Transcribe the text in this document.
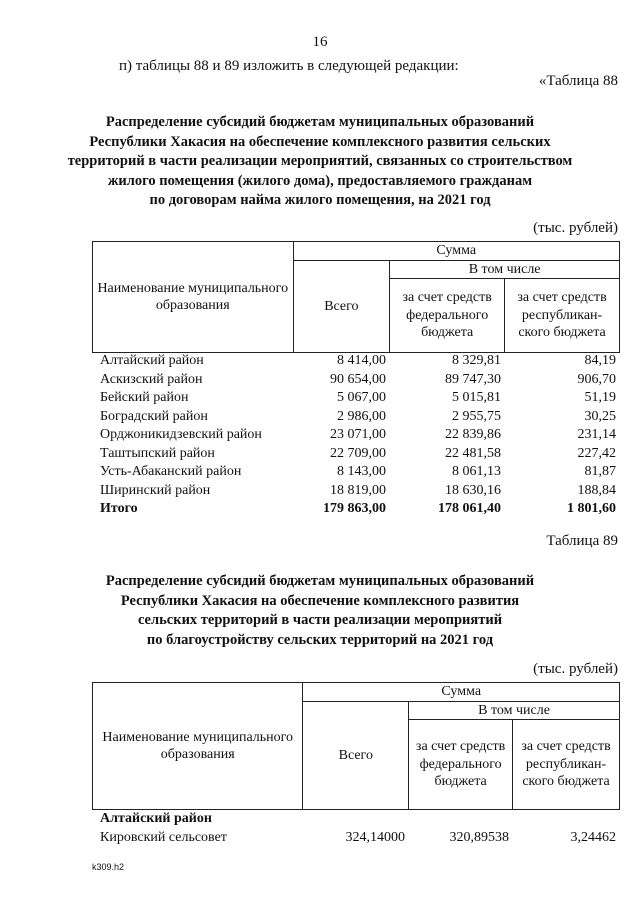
16
п) таблицы 88 и 89 изложить в следующей редакции:
«Таблица 88
Распределение субсидий бюджетам муниципальных образований
Республики Хакасия на обеспечение комплексного развития сельских
территорий в части реализации мероприятий, связанных со строительством
жилого помещения (жилого дома), предоставляемого гражданам
по договорам найма жилого помещения, на 2021 год
(тыс. рублей)
Наименование муниципального образования	Сумма		
	Всего	В том числе	
		за счет средств федерального бюджета	за счет средств республикан-ского бюджета
Алтайский район	8 414,00	8 329,81	84,19
Аскизский район	90 654,00	89 747,30	906,70
Бейский район	5 067,00	5 015,81	51,19
Боградский район	2 986,00	2 955,75	30,25
Орджоникидзевский район	23 071,00	22 839,86	231,14
Таштыпский район	22 709,00	22 481,58	227,42
Усть-Абаканский район	8 143,00	8 061,13	81,87
Ширинский район	18 819,00	18 630,16	188,84
Итого	179 863,00	178 061,40	1 801,60
Таблица 89
Распределение субсидий бюджетам муниципальных образований
Республики Хакасия на обеспечение комплексного развития
сельских территорий в части реализации мероприятий
по благоустройству сельских территорий на 2021 год
(тыс. рублей)
Наименование муниципального образования	Сумма		
	Всего	В том числе	
		за счет средств федерального бюджета	за счет средств республикан-ского бюджета
Алтайский район
Кировский сельсовет	324,14000	320,89538	3,24462
k309.h2
